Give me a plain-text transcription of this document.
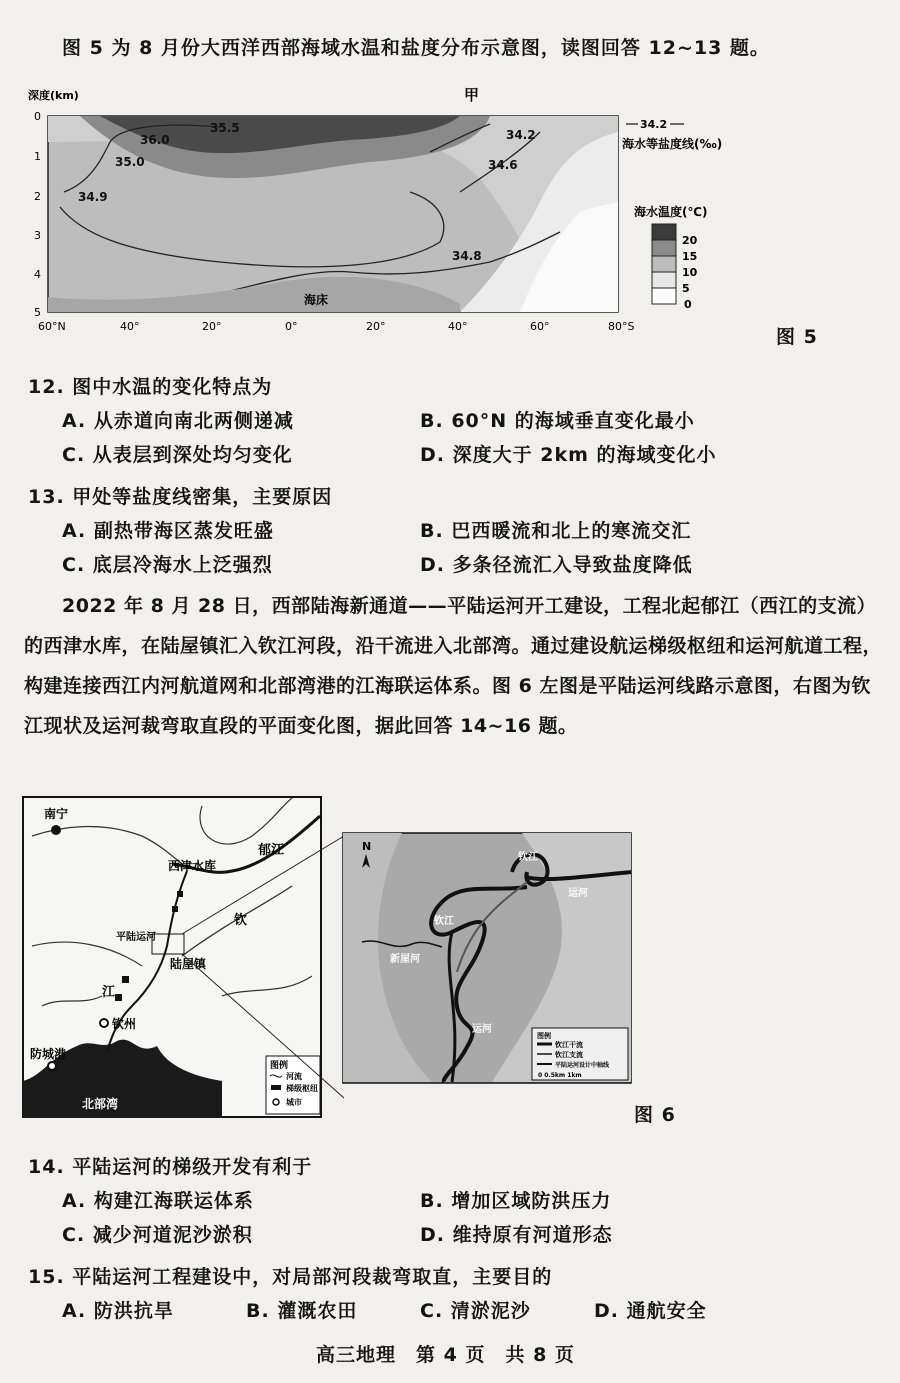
图 5 为 8 月份大西洋西部海域水温和盐度分布示意图，读图回答 12~13 题。
深度(km)	甲
35.5
36.0
35.0
34.9
34.2
34.6
34.8
海床
0
1
2
3
4
5
60°N	40°	20°	0°	20°	40°	60°	80°S
34.2
海水等盐度线(‰)
海水温度(℃)
20
15
10
5
0
图 5
12. 图中水温的变化特点为
A. 从赤道向南北两侧递减	B. 60°N 的海域垂直变化最小
C. 从表层到深处均匀变化	D. 深度大于 2km 的海域变化小
13. 甲处等盐度线密集，主要原因
A. 副热带海区蒸发旺盛	B. 巴西暖流和北上的寒流交汇
C. 底层冷海水上泛强烈	D. 多条径流汇入导致盐度降低
2022 年 8 月 28 日，西部陆海新通道——平陆运河开工建设，工程北起郁江（西江的支流）的西津水库，在陆屋镇汇入钦江河段，沿干流进入北部湾。通过建设航运梯级枢纽和运河航道工程，构建连接西江内河航道网和北部湾港的江海联运体系。图 6 左图是平陆运河线路示意图，右图为钦江现状及运河裁弯取直段的平面变化图，据此回答 14~16 题。
南宁
西津水库
郁江
平陆运河
钦
陆屋镇
江
钦州
防城港
北部湾
图例
河流
梯级枢纽
城市
N
钦江
运河
钦江
新屋河
运河
图例
钦江干流
钦江支流
平陆运河设计中轴线
0 0.5km 1km
图 6
14. 平陆运河的梯级开发有利于
A. 构建江海联运体系	B. 增加区域防洪压力
C. 减少河道泥沙淤积	D. 维持原有河道形态
15. 平陆运河工程建设中，对局部河段裁弯取直，主要目的
A. 防洪抗旱	B. 灌溉农田	C. 清淤泥沙	D. 通航安全
高三地理　第 4 页　共 8 页
